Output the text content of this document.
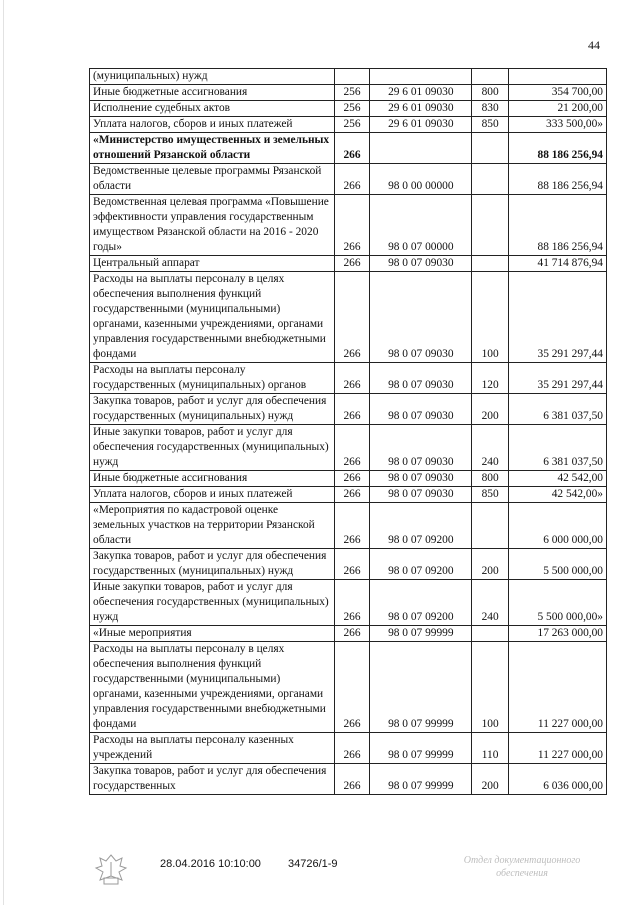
44
(муниципальных) нужд				
Иные бюджетные ассигнования	256	29 6 01 09030	800	354 700,00
Исполнение судебных актов	256	29 6 01 09030	830	21 200,00
Уплата налогов, сборов и иных платежей	256	29 6 01 09030	850	333 500,00»
«Министерство имущественных и земельных отношений Рязанской области	266			88 186 256,94
Ведомственные целевые программы Рязанской области	266	98 0 00 00000		88 186 256,94
Ведомственная целевая программа «Повышение эффективности управления государственным имуществом Рязанской области на 2016 - 2020 годы»	266	98 0 07 00000		88 186 256,94
Центральный аппарат	266	98 0 07 09030		41 714 876,94
Расходы на выплаты персоналу в целях обеспечения выполнения функций государственными (муниципальными) органами, казенными учреждениями, органами управления государственными внебюджетными фондами	266	98 0 07 09030	100	35 291 297,44
Расходы на выплаты персоналу государственных (муниципальных) органов	266	98 0 07 09030	120	35 291 297,44
Закупка товаров, работ и услуг для обеспечения государственных (муниципальных) нужд	266	98 0 07 09030	200	6 381 037,50
Иные закупки товаров, работ и услуг для обеспечения государственных (муниципальных) нужд	266	98 0 07 09030	240	6 381 037,50
Иные бюджетные ассигнования	266	98 0 07 09030	800	42 542,00
Уплата налогов, сборов и иных платежей	266	98 0 07 09030	850	42 542,00»
«Мероприятия по кадастровой оценке земельных участков на территории Рязанской области	266	98 0 07 09200		6 000 000,00
Закупка товаров, работ и услуг для обеспечения государственных (муниципальных) нужд	266	98 0 07 09200	200	5 500 000,00
Иные закупки товаров, работ и услуг для обеспечения государственных (муниципальных) нужд	266	98 0 07 09200	240	5 500 000,00»
«Иные мероприятия	266	98 0 07 99999		17 263 000,00
Расходы на выплаты персоналу в целях обеспечения выполнения функций государственными (муниципальными) органами, казенными учреждениями, органами управления государственными внебюджетными фондами	266	98 0 07 99999	100	11 227 000,00
Расходы на выплаты персоналу казенных учреждений	266	98 0 07 99999	110	11 227 000,00
Закупка товаров, работ и услуг для обеспечения государственных	266	98 0 07 99999	200	6 036 000,00
28.04.2016 10:10:00 34726/1-9	Отдел документационного обеспечения
